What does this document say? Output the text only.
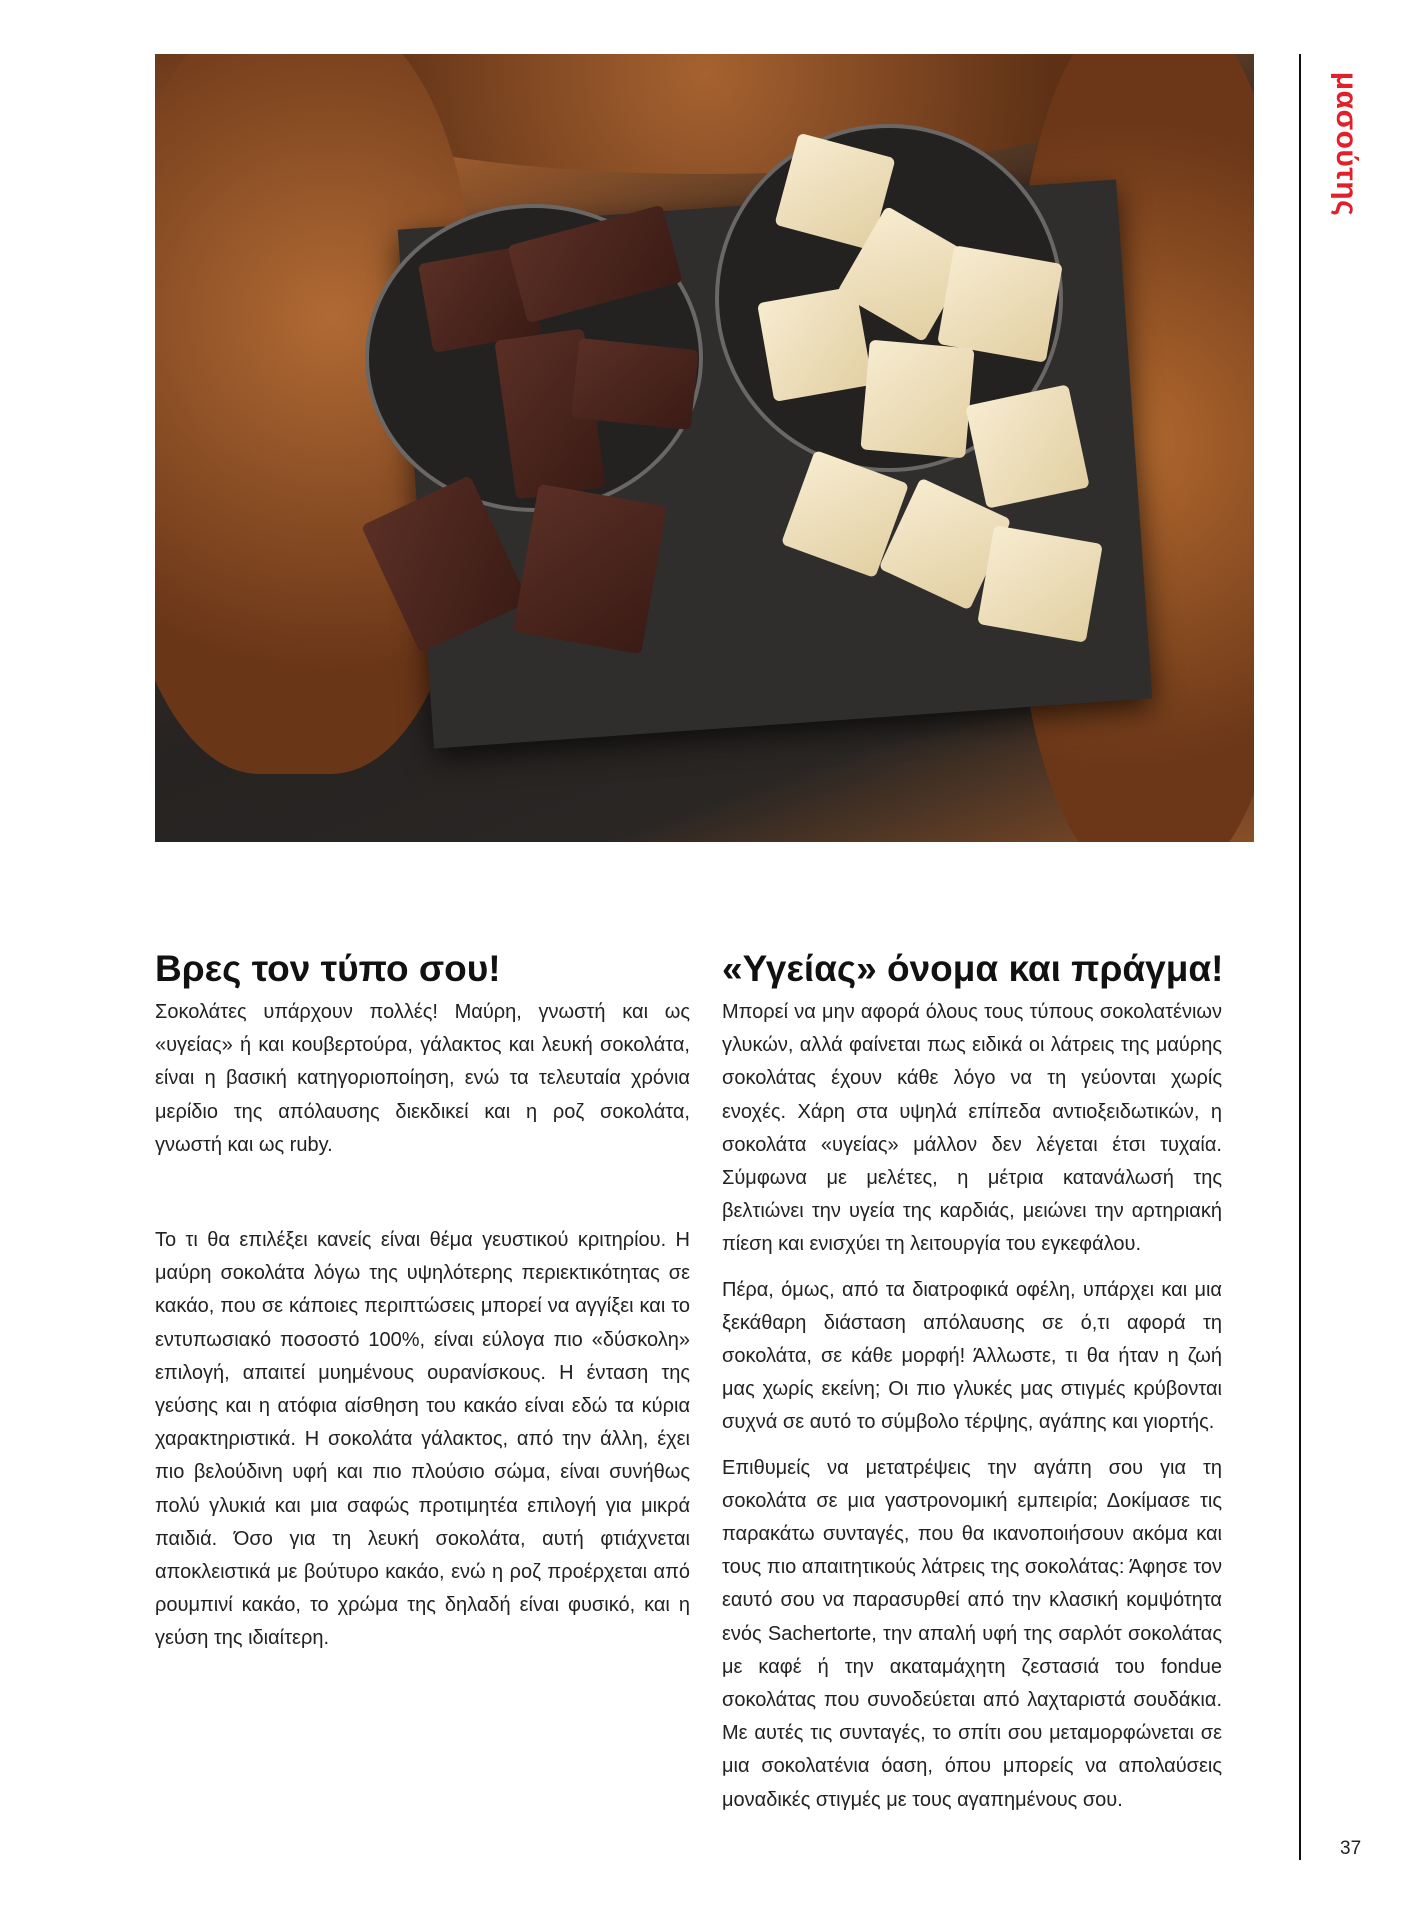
μασούτης
Βρες τον τύπο σου!

Σοκολάτες υπάρχουν πολλές! Μαύρη, γνωστή και ως «υγείας» ή και κουβερτούρα, γάλακτος και λευκή σοκολάτα, είναι η βασική κατηγοριοποίηση, ενώ τα τελευταία χρόνια μερίδιο της απόλαυσης διεκδικεί και η ροζ σοκολάτα, γνωστή και ως ruby.

Το τι θα επιλέξει κανείς είναι θέμα γευστικού κριτηρίου. Η μαύρη σοκολάτα λόγω της υψηλότερης περιεκτικότητας σε κακάο, που σε κάποιες περιπτώσεις μπορεί να αγγίξει και το εντυπωσιακό ποσοστό 100%, είναι εύλογα πιο «δύσκολη» επιλογή, απαιτεί μυημένους ουρανίσκους. Η ένταση της γεύσης και η ατόφια αίσθηση του κακάο είναι εδώ τα κύρια χαρακτηριστικά. Η σοκολάτα γάλακτος, από την άλλη, έχει πιο βελούδινη υφή και πιο πλούσιο σώμα, είναι συνήθως πολύ γλυκιά και μια σαφώς προτιμητέα επιλογή για μικρά παιδιά. Όσο για τη λευκή σοκολάτα, αυτή φτιάχνεται αποκλειστικά με βούτυρο κακάο, ενώ η ροζ προέρχεται από ρουμπινί κακάο, το χρώμα της δηλαδή είναι φυσικό, και η γεύση της ιδιαίτερη.

«Υγείας» όνομα και πράγμα!

Μπορεί να μην αφορά όλους τους τύπους σοκολατένιων γλυκών, αλλά φαίνεται πως ειδικά οι λάτρεις της μαύρης σοκολάτας έχουν κάθε λόγο να τη γεύονται χωρίς ενοχές. Χάρη στα υψηλά επίπεδα αντιοξειδωτικών, η σοκολάτα «υγείας» μάλλον δεν λέγεται έτσι τυχαία. Σύμφωνα με μελέτες, η μέτρια κατανάλωσή της βελτιώνει την υγεία της καρδιάς, μειώνει την αρτηριακή πίεση και ενισχύει τη λειτουργία του εγκεφάλου.

Πέρα, όμως, από τα διατροφικά οφέλη, υπάρχει και μια ξεκάθαρη διάσταση απόλαυσης σε ό,τι αφορά τη σοκολάτα, σε κάθε μορφή! Άλλωστε, τι θα ήταν η ζωή μας χωρίς εκείνη; Οι πιο γλυκές μας στιγμές κρύβονται συχνά σε αυτό το σύμβολο τέρψης, αγάπης και γιορτής.

Επιθυμείς να μετατρέψεις την αγάπη σου για τη σοκολάτα σε μια γαστρονομική εμπειρία; Δοκίμασε τις παρακάτω συνταγές, που θα ικανοποιήσουν ακόμα και τους πιο απαιτητικούς λάτρεις της σοκολάτας: Άφησε τον εαυτό σου να παρασυρθεί από την κλασική κομψότητα ενός Sachertorte, την απαλή υφή της σαρλότ σοκολάτας με καφέ ή την ακαταμάχητη ζεστασιά του fondue σοκολάτας που συνοδεύεται από λαχταριστά σουδάκια. Με αυτές τις συνταγές, το σπίτι σου μεταμορφώνεται σε μια σοκολατένια όαση, όπου μπορείς να απολαύσεις μοναδικές στιγμές με τους αγαπημένους σου.

37
